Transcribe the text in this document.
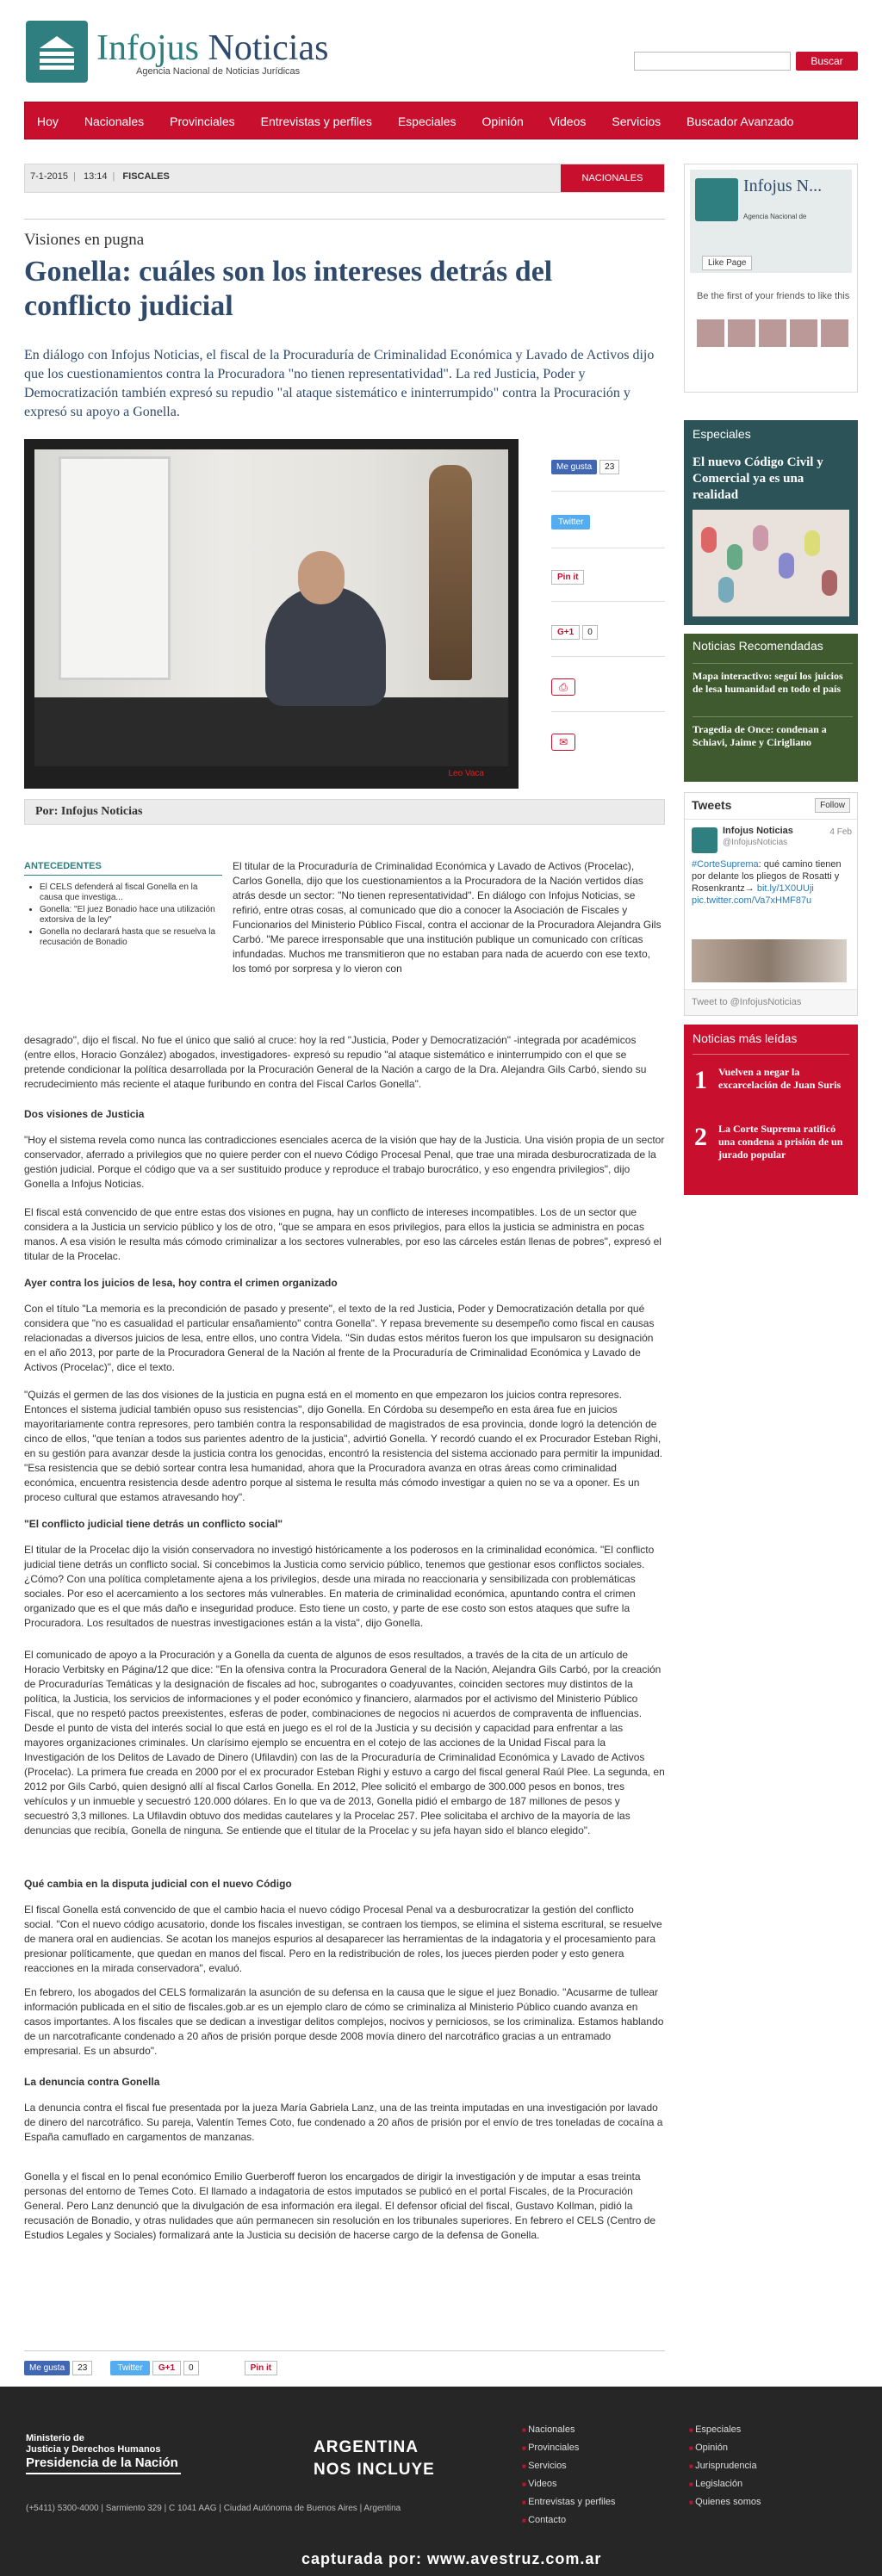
Infojus Noticias
Agencia Nacional de Noticias Jurídicas
Buscar
Hoy Nacionales Provinciales Entrevistas y perfiles Especiales Opinión Videos Servicios Buscador Avanzado
7-1-2015 | 13:14 | FISCALES	NACIONALES
Visiones en pugna
Gonella: cuáles son los intereses detrás del conflicto judicial

En diálogo con Infojus Noticias, el fiscal de la Procuraduría de Criminalidad Económica y Lavado de Activos dijo que los cuestionamientos contra la Procuradora "no tienen representatividad". La red Justicia, Poder y Democratización también expresó su repudio "al ataque sistemático e ininterrumpido" contra la Procuración y expresó su apoyo a Gonella.

Leo Vaca
Me gusta 23
Twitter
Pin it
G+1 0
⎙
✉
Por: Infojus Noticias
ANTECEDENTES
• El CELS defenderá al fiscal Gonella en la causa que investiga...
• Gonella: "El juez Bonadio hace una utilización extorsiva de la ley"
• Gonella no declarará hasta que se resuelva la recusación de Bonadio

El titular de la Procuraduría de Criminalidad Económica y Lavado de Activos (Procelac), Carlos Gonella, dijo que los cuestionamientos a la Procuradora de la Nación vertidos días atrás desde un sector: "No tienen representatividad". En diálogo con Infojus Noticias, se refirió, entre otras cosas, al comunicado que dio a conocer la Asociación de Fiscales y Funcionarios del Ministerio Público Fiscal, contra el accionar de la Procuradora Alejandra Gils Carbó. "Me parece irresponsable que una institución publique un comunicado con críticas infundadas. Muchos me transmitieron que no estaban para nada de acuerdo con ese texto, los tomó por sorpresa y lo vieron con

desagrado", dijo el fiscal. No fue el único que salió al cruce: hoy la red "Justicia, Poder y Democratización" -integrada por académicos (entre ellos, Horacio González) abogados, investigadores- expresó su repudio "al ataque sistemático e ininterrumpido con el que se pretende condicionar la política desarrollada por la Procuración General de la Nación a cargo de la Dra. Alejandra Gils Carbó, siendo su recrudecimiento más reciente el ataque furibundo en contra del Fiscal Carlos Gonella".

Dos visiones de Justicia

"Hoy el sistema revela como nunca las contradicciones esenciales acerca de la visión que hay de la Justicia. Una visión propia de un sector conservador, aferrado a privilegios que no quiere perder con el nuevo Código Procesal Penal, que trae una mirada desburocratizada de la gestión judicial. Porque el código que va a ser sustituido produce y reproduce el trabajo burocrático, y eso engendra privilegios", dijo Gonella a Infojus Noticias.

El fiscal está convencido de que entre estas dos visiones en pugna, hay un conflicto de intereses incompatibles. Los de un sector que considera a la Justicia un servicio público y los de otro, "que se ampara en esos privilegios, para ellos la justicia se administra en pocas manos. A esa visión le resulta más cómodo criminalizar a los sectores vulnerables, por eso las cárceles están llenas de pobres", expresó el titular de la Procelac.

Ayer contra los juicios de lesa, hoy contra el crimen organizado

Con el título "La memoria es la precondición de pasado y presente", el texto de la red Justicia, Poder y Democratización detalla por qué considera que "no es casualidad el particular ensañamiento" contra Gonella". Y repasa brevemente su desempeño como fiscal en causas relacionadas a diversos juicios de lesa, entre ellos, uno contra Videla. "Sin dudas estos méritos fueron los que impulsaron su designación en el año 2013, por parte de la Procuradora General de la Nación al frente de la Procuraduría de Criminalidad Económica y Lavado de Activos (Procelac)", dice el texto.

"Quizás el germen de las dos visiones de la justicia en pugna está en el momento en que empezaron los juicios contra represores. Entonces el sistema judicial también opuso sus resistencias", dijo Gonella. En Córdoba su desempeño en esta área fue en juicios mayoritariamente contra represores, pero también contra la responsabilidad de magistrados de esa provincia, donde logró la detención de cinco de ellos, "que tenían a todos sus parientes adentro de la justicia", advirtió Gonella. Y recordó cuando el ex Procurador Esteban Righi, en su gestión para avanzar desde la justicia contra los genocidas, encontró la resistencia del sistema accionado para permitir la impunidad. "Esa resistencia que se debió sortear contra lesa humanidad, ahora que la Procuradora avanza en otras áreas como criminalidad económica, encuentra resistencia desde adentro porque al sistema le resulta más cómodo investigar a quien no se va a oponer. Es un proceso cultural que estamos atravesando hoy".

"El conflicto judicial tiene detrás un conflicto social"

El titular de la Procelac dijo la visión conservadora no investigó históricamente a los poderosos en la criminalidad económica. "El conflicto judicial tiene detrás un conflicto social. Si concebimos la Justicia como servicio público, tenemos que gestionar esos conflictos sociales. ¿Cómo? Con una política completamente ajena a los privilegios, desde una mirada no reaccionaria y sensibilizada con problemáticas sociales. Por eso el acercamiento a los sectores más vulnerables. En materia de criminalidad económica, apuntando contra el crimen organizado que es el que más daño e inseguridad produce. Esto tiene un costo, y parte de ese costo son estos ataques que sufre la Procuradora. Los resultados de nuestras investigaciones están a la vista", dijo Gonella.

El comunicado de apoyo a la Procuración y a Gonella da cuenta de algunos de esos resultados, a través de la cita de un artículo de Horacio Verbitsky en Página/12 que dice: "En la ofensiva contra la Procuradora General de la Nación, Alejandra Gils Carbó, por la creación de Procuradurías Temáticas y la designación de fiscales ad hoc, subrogantes o coadyuvantes, coinciden sectores muy distintos de la política, la Justicia, los servicios de informaciones y el poder económico y financiero, alarmados por el activismo del Ministerio Público Fiscal, que no respetó pactos preexistentes, esferas de poder, combinaciones de negocios ni acuerdos de compraventa de influencias. Desde el punto de vista del interés social lo que está en juego es el rol de la Justicia y su decisión y capacidad para enfrentar a las mayores organizaciones criminales. Un clarísimo ejemplo se encuentra en el cotejo de las acciones de la Unidad Fiscal para la Investigación de los Delitos de Lavado de Dinero (Ufilavdin) con las de la Procuraduría de Criminalidad Económica y Lavado de Activos (Procelac). La primera fue creada en 2000 por el ex procurador Esteban Righi y estuvo a cargo del fiscal general Raúl Plee. La segunda, en 2012 por Gils Carbó, quien designó allí al fiscal Carlos Gonella. En 2012, Plee solicitó el embargo de 300.000 pesos en bonos, tres vehículos y un inmueble y secuestró 120.000 dólares. En lo que va de 2013, Gonella pidió el embargo de 187 millones de pesos y secuestró 3,3 millones. La Ufilavdin obtuvo dos medidas cautelares y la Procelac 257. Plee solicitaba el archivo de la mayoría de las denuncias que recibía, Gonella de ninguna. Se entiende que el titular de la Procelac y su jefa hayan sido el blanco elegido".

Qué cambia en la disputa judicial con el nuevo Código

El fiscal Gonella está convencido de que el cambio hacia el nuevo código Procesal Penal va a desburocratizar la gestión del conflicto social. "Con el nuevo código acusatorio, donde los fiscales investigan, se contraen los tiempos, se elimina el sistema escritural, se resuelve de manera oral en audiencias. Se acotan los manejos espurios al desaparecer las herramientas de la indagatoria y el procesamiento para presionar políticamente, que quedan en manos del fiscal. Pero en la redistribución de roles, los jueces pierden poder y esto genera reacciones en la mirada conservadora", evaluó.

En febrero, los abogados del CELS formalizarán la asunción de su defensa en la causa que le sigue el juez Bonadio. "Acusarme de tullear información publicada en el sitio de fiscales.gob.ar es un ejemplo claro de cómo se criminaliza al Ministerio Público cuando avanza en casos importantes. A los fiscales que se dedican a investigar delitos complejos, nocivos y perniciosos, se los criminaliza. Estamos hablando de un narcotraficante condenado a 20 años de prisión porque desde 2008 movía dinero del narcotráfico gracias a un entramado empresarial. Es un absurdo".

La denuncia contra Gonella

La denuncia contra el fiscal fue presentada por la jueza María Gabriela Lanz, una de las treinta imputadas en una investigación por lavado de dinero del narcotráfico. Su pareja, Valentín Temes Coto, fue condenado a 20 años de prisión por el envío de tres toneladas de cocaína a España camuflado en cargamentos de manzanas.

Gonella y el fiscal en lo penal económico Emilio Guerberoff fueron los encargados de dirigir la investigación y de imputar a esas treinta personas del entorno de Temes Coto. El llamado a indagatoria de estos imputados se publicó en el portal Fiscales, de la Procuración General. Pero Lanz denunció que la divulgación de esa información era ilegal. El defensor oficial del fiscal, Gustavo Kollman, pidió la recusación de Bonadio, y otras nulidades que aún permanecen sin resolución en los tribunales superiores. En febrero el CELS (Centro de Estudios Legales y Sociales) formalizará ante la Justicia su decisión de hacerse cargo de la defensa de Gonella.

Me gusta 23	Twitter G+1 0	Pin it
Infojus N...
Agencia Nacional de
Like Page
Be the first of your friends to like this
Especiales
El nuevo Código Civil y Comercial ya es una realidad
Noticias Recomendadas
Mapa interactivo: seguí los juicios de lesa humanidad en todo el país
Tragedia de Once: condenan a Schiavi, Jaime y Cirigliano
Tweets	Follow
Infojus Noticias
@InfojusNoticias
4 Feb
#CorteSuprema: qué camino tienen por delante los pliegos de Rosatti y Rosenkrantz→ bit.ly/1X0UUji pic.twitter.com/Va7xHMF87u
Tweet to @InfojusNoticias
Noticias más leídas
1 Vuelven a negar la excarcelación de Juan Suris
2 La Corte Suprema ratificó una condena a prisión de un jurado popular
Ministerio de
Justicia y Derechos Humanos
Presidencia de la Nación
(+5411) 5300-4000 | Sarmiento 329 | C 1041 AAG | Ciudad Autónoma de Buenos Aires | Argentina
ARGENTINA
NOS INCLUYE
■ Nacionales
■ Provinciales
■ Servicios
■ Videos
■ Entrevistas y perfiles
■ Contacto
■ Especiales
■ Opinión
■ Jurisprudencia
■ Legislación
■ Quienes somos
capturada por: www.avestruz.com.ar
